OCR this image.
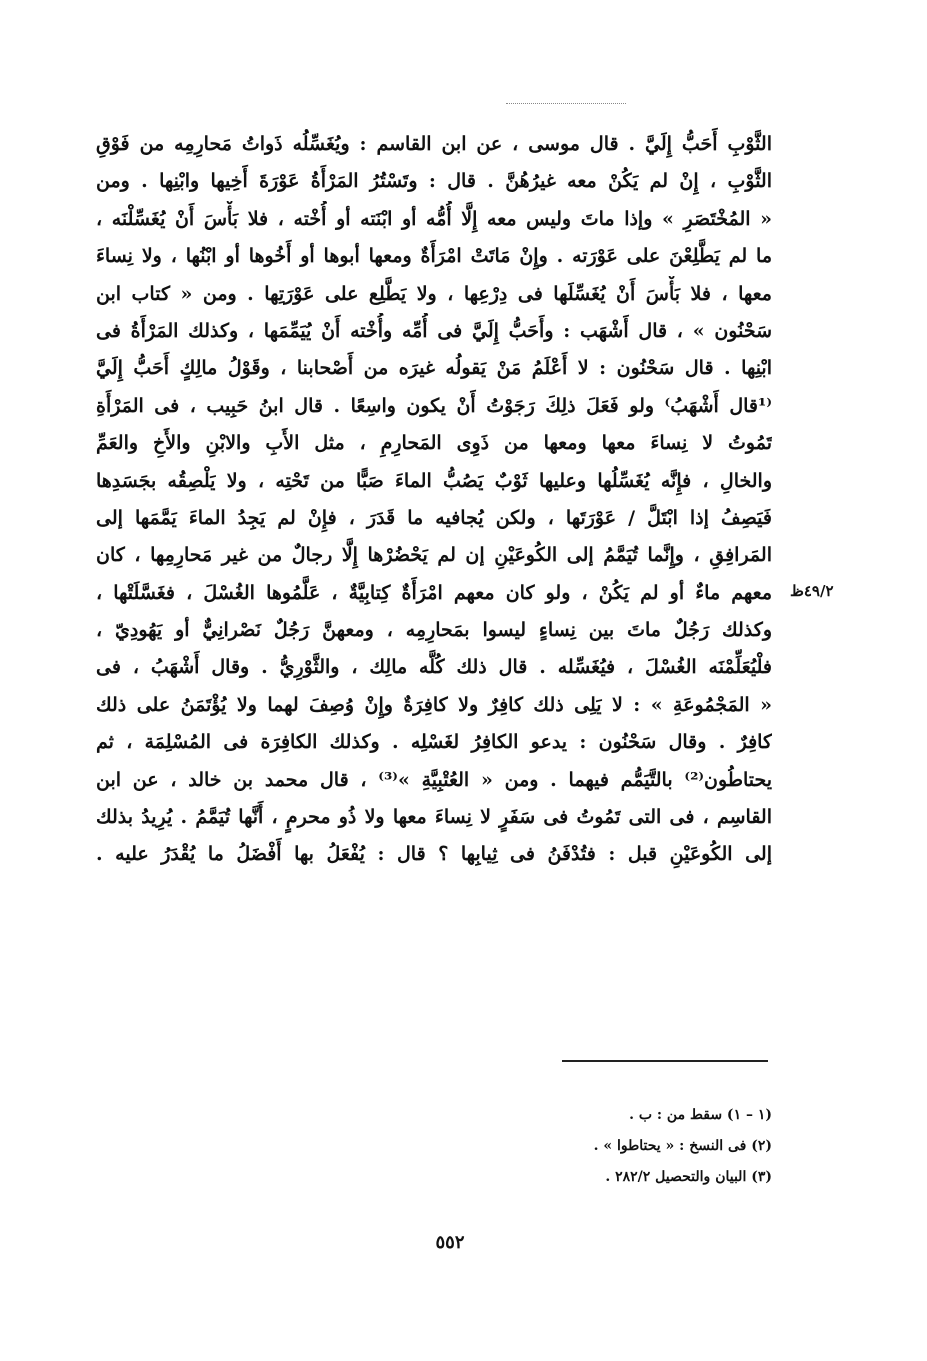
الثَّوْبِ أَحَبُّ إِلَيَّ . قال موسى ، عن ابن القاسم : ويُغَسِّلُه ذَواتُ مَحارِمِه من فَوْقِ
الثَّوْبِ ، إِنْ لم يَكُنْ معه غيرُهُنَّ . قال : وتَسْتُرُ المَرْأَةُ عَوْرَةَ أَخِيها وابْنِها . ومن
« المُخْتَصَرِ » وإذا ماتَ وليس معه إِلَّا أُمُّه أو ابْنَته أو أُخْته ، فلا بَأْسَ أَنْ يُغَسِّلْنَه ،
ما لم يَطَّلِعْنَ على عَوْرَته . وإِنْ مَاتَتْ امْرَأَةٌ ومعها أبوها أو أَخُوها أو ابْنُها ، ولا نِساءَ
معها ، فلا بَأْسَ أَنْ يُغَسِّلَها فى دِرْعِها ، ولا يَطَّلِع على عَوْرَتِها . ومن « كتاب ابن
سَحْنُون » ، قال أَشْهَب : وأَحَبُّ إِلَيَّ فى أُمِّه وأُخْته أَنْ يُيَمِّمَها ، وكذلك المَرْأَةُ فى
ابْنِها . قال سَحْنُون : لا أَعْلَمُ مَنْ يَقولُه غيرَه من أَصْحابنا ، وقَوْلُ مالِكٍ أَحَبُّ إِلَيَّ
⁽¹قال أَشْهَبُ⁾ ولو فَعَلَ ذلِكَ رَجَوْتُ أَنْ يكون واسِعًا . قال ابنُ حَبِيب ، فى المَرْأَةِ
تَمُوتُ لا نِساءَ معها ومعها من ذَوِى المَحارِمِ ، مثل الأَبِ والابْنِ والأَخِ والعَمِّ
والخالِ ، فإِنَّه يُغَسِّلُها وعليها ثَوْبٌ يَصُبُّ الماءَ صَبًّا من تَحْتِه ، ولا يَلْصِقُه بجَسَدِها
فَيَصِفُ إذا ابْتَلَّ / عَوْرَتَها ، ولكن يُجافيه ما قَدَرَ ، فإِنْ لم يَجِدُ الماءَ يَمَّمَها إلى
المَرافِقِ ، وإِنَّما تُيَمَّمُ إلى الكُوعَيْنِ إن لم يَحْضُرْها إِلَّا رجالٌ من غير مَحارِمِها ، كان
معهم ماءٌ أو لم يَكُنْ ، ولو كان معهم امْرَأَةٌ كِتابِيَّةٌ ، عَلَّمُوها الغُسْلَ ، فغَسَّلَتْها ،
وكذلك رَجُلٌ ماتَ بين نِساءٍ ليسوا بمَحارِمِه ، ومعهنَّ رَجُلٌ نَصْرانِيٌّ أو يَهُودِيّ ،
فلْيُعَلِّمْنَه الغُسْلَ ، فيُغَسِّله . قال ذلك كُلَّه مالِك ، والثَّوْرِيُّ . وقال أَشْهَبُ ، فى
« المَجْمُوعَةِ » : لا يَلِى ذلك كافِرٌ ولا كافِرَةٌ وإِنْ وُصِفَ لهما ولا يُؤْتَمَنُ على ذلك
كافِرٌ . وقال سَحْنُون : يدعو الكافِرُ لغَسْلِه . وكذلك الكافِرَة فى المُسْلِمَة ، ثم
يحتاطُون⁽²⁾ بالتَّيَمُّم فيهما . ومن « العُتْبِيَّةِ »⁽³⁾ ، قال محمد بن خالد ، عن ابن
القاسِم ، فى التى تَمُوتُ فى سَفَرٍ لا نِساءَ معها ولا ذُو محرمٍ ، أَنَّها تُيَمَّمُ . يُرِيدُ بذلك
إلى الكُوعَيْنِ قبل : فتُدْفَنُ فى ثِيابِها ؟ قال : يُفْعَلُ بها أَفْضَلُ ما يُقْدَرُ عليه .
٤٩/٢ظ
(١ – ١) سقط من : ب .
(٢) فى النسخ : « يحتاطوا » .
(٣) البيان والتحصيل ٢٨٢/٢ .
٥٥٢
